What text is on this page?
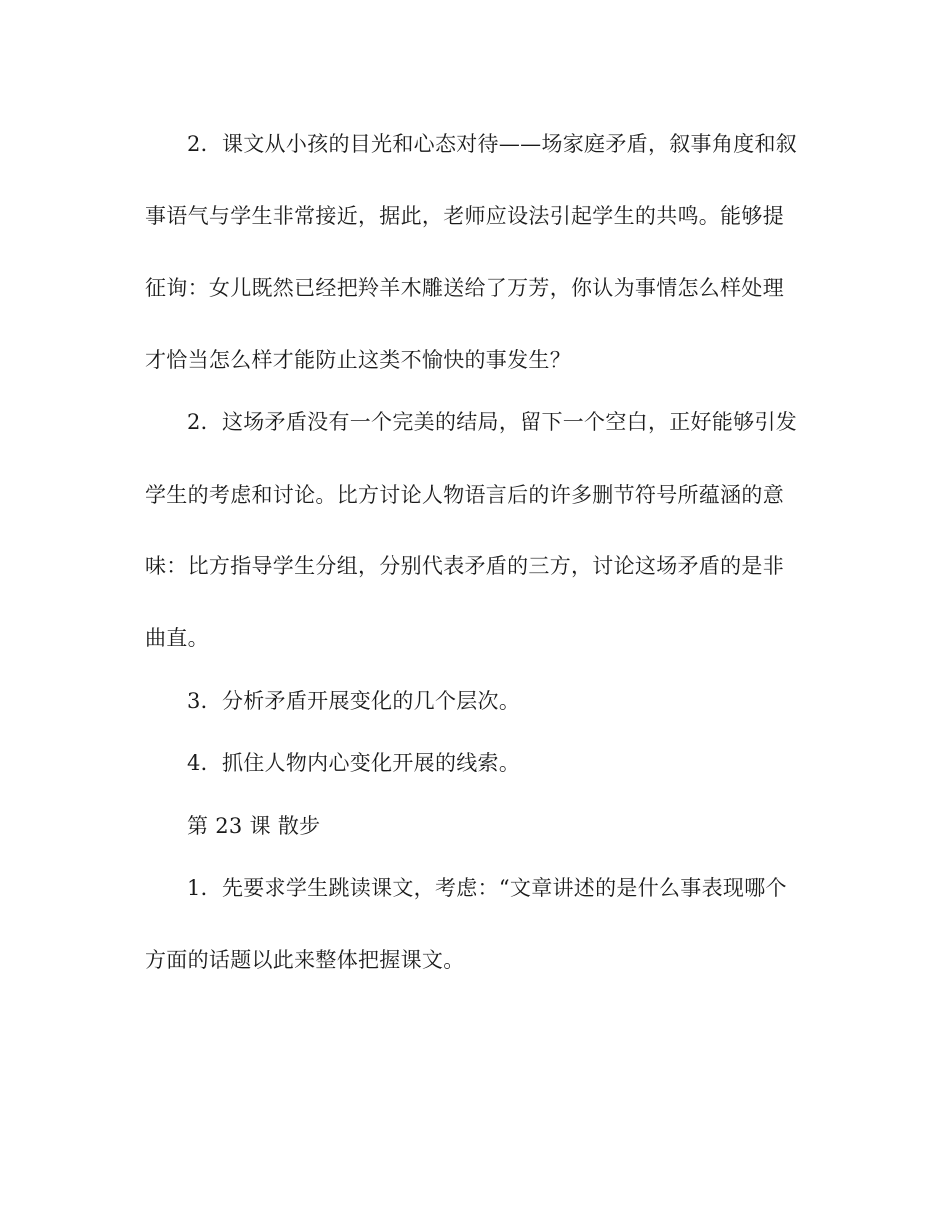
2．课文从小孩的目光和心态对待——场家庭矛盾，叙事角度和叙
事语气与学生非常接近，据此，老师应设法引起学生的共鸣。能够提
征询：女儿既然已经把羚羊木雕送给了万芳，你认为事情怎么样处理
才恰当怎么样才能防止这类不愉快的事发生？
2．这场矛盾没有一个完美的结局，留下一个空白，正好能够引发
学生的考虑和讨论。比方讨论人物语言后的许多删节符号所蕴涵的意
味：比方指导学生分组，分别代表矛盾的三方，讨论这场矛盾的是非
曲直。
3．分析矛盾开展变化的几个层次。
4．抓住人物内心变化开展的线索。
第 23 课 散步
1．先要求学生跳读课文，考虑：“文章讲述的是什么事表现哪个
方面的话题以此来整体把握课文。
